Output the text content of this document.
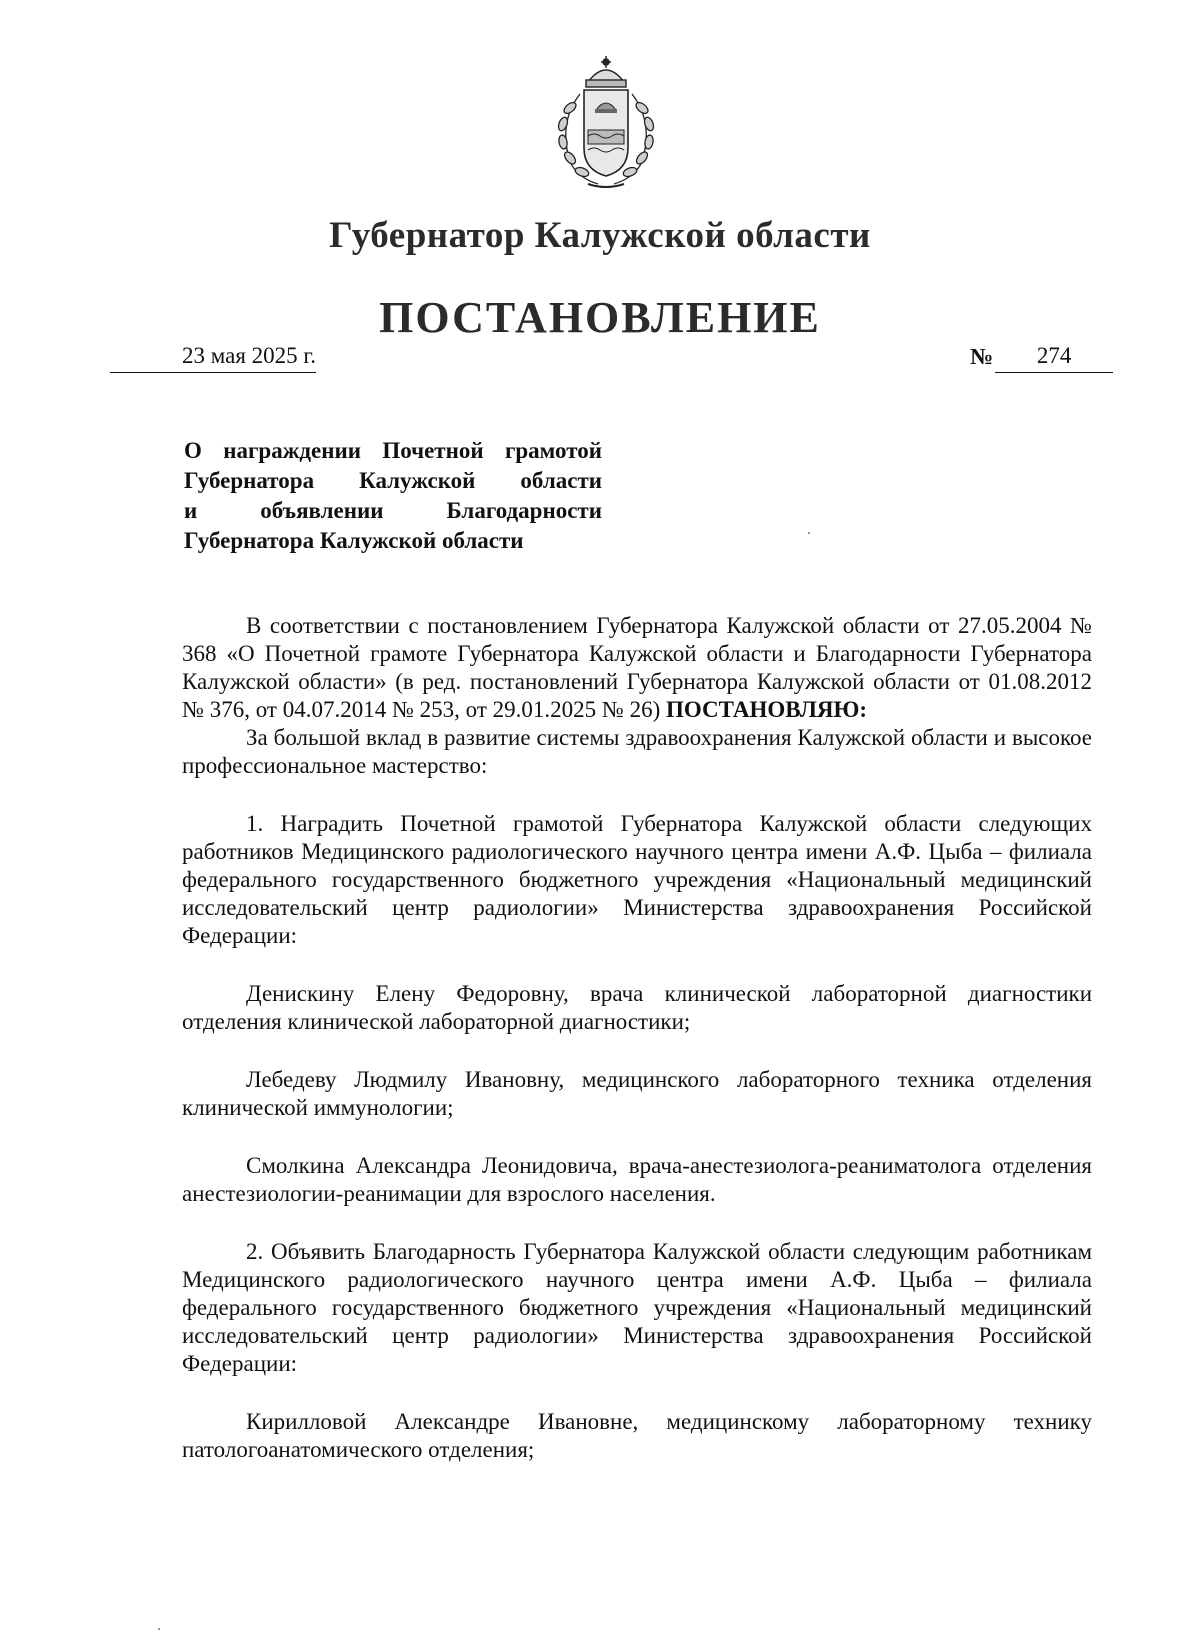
Губернатор Калужской области
ПОСТАНОВЛЕНИЕ
23 мая 2025 г.	№	274
О награждении Почетной грамотой
Губернатора Калужской области
и объявлении Благодарности
Губернатора Калужской области

В соответствии с постановлением Губернатора Калужской области от 27.05.2004 № 368 «О Почетной грамоте Губернатора Калужской области и Благодарности Губернатора Калужской области» (в ред. постановлений Губернатора Калужской области от 01.08.2012 № 376, от 04.07.2014 № 253, от 29.01.2025 № 26) ПОСТАНОВЛЯЮ:

За большой вклад в развитие системы здравоохранения Калужской области и высокое профессиональное мастерство:

1. Наградить Почетной грамотой Губернатора Калужской области следующих работников Медицинского радиологического научного центра имени А.Ф. Цыба – филиала федерального государственного бюджетного учреждения «Национальный медицинский исследовательский центр радиологии» Министерства здравоохранения Российской Федерации:

Денискину Елену Федоровну, врача клинической лабораторной диагностики отделения клинической лабораторной диагностики;

Лебедеву Людмилу Ивановну, медицинского лабораторного техника отделения клинической иммунологии;

Смолкина Александра Леонидовича, врача-анестезиолога-реаниматолога отделения анестезиологии-реанимации для взрослого населения.

2. Объявить Благодарность Губернатора Калужской области следующим работникам Медицинского радиологического научного центра имени А.Ф. Цыба – филиала федерального государственного бюджетного учреждения «Национальный медицинский исследовательский центр радиологии» Министерства здравоохранения Российской Федерации:

Кирилловой Александре Ивановне, медицинскому лабораторному технику патологоанатомического отделения;
